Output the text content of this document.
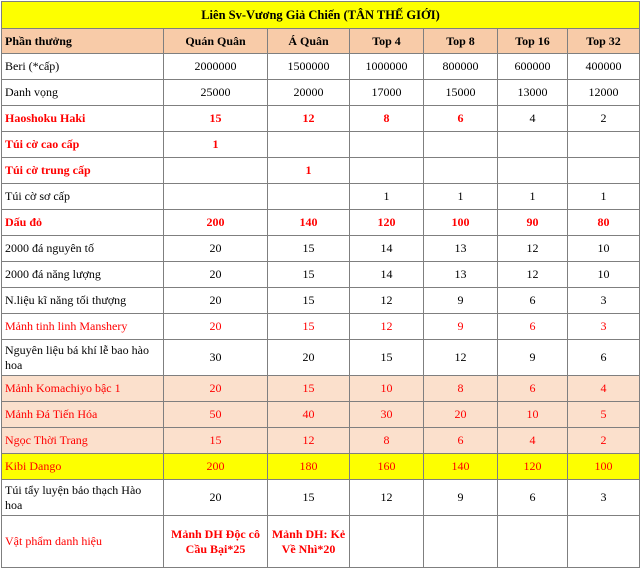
Liên Sv-Vương Giả Chiến (TÂN THẾ GIỚI)						
Phần thưởng	Quán Quân	Á Quân	Top 4	Top 8	Top 16	Top 32
Beri (*cấp)	2000000	1500000	1000000	800000	600000	400000
Danh vọng	25000	20000	17000	15000	13000	12000
Haoshoku Haki	15	12	8	6	4	2
Túi cờ cao cấp	1					
Túi cờ trung cấp		1				
Túi cờ sơ cấp			1	1	1	1
Dấu đỏ	200	140	120	100	90	80
2000 đá nguyên tố	20	15	14	13	12	10
2000 đá năng lượng	20	15	14	13	12	10
N.liệu kĩ năng tối thượng	20	15	12	9	6	3
Mảnh tinh linh Manshery	20	15	12	9	6	3
Nguyên liệu bá khí lễ bao hào hoa	30	20	15	12	9	6
Mảnh Komachiyo bậc 1	20	15	10	8	6	4
Mảnh Đá Tiến Hóa	50	40	30	20	10	5
Ngọc Thời Trang	15	12	8	6	4	2
Kibi Dango	200	180	160	140	120	100
Túi tẩy luyện bảo thạch Hào hoa	20	15	12	9	6	3
Vật phẩm danh hiệu	Mảnh DH Độc cô Cầu Bại*25	Mảnh DH: Kẻ Về Nhì*20				
